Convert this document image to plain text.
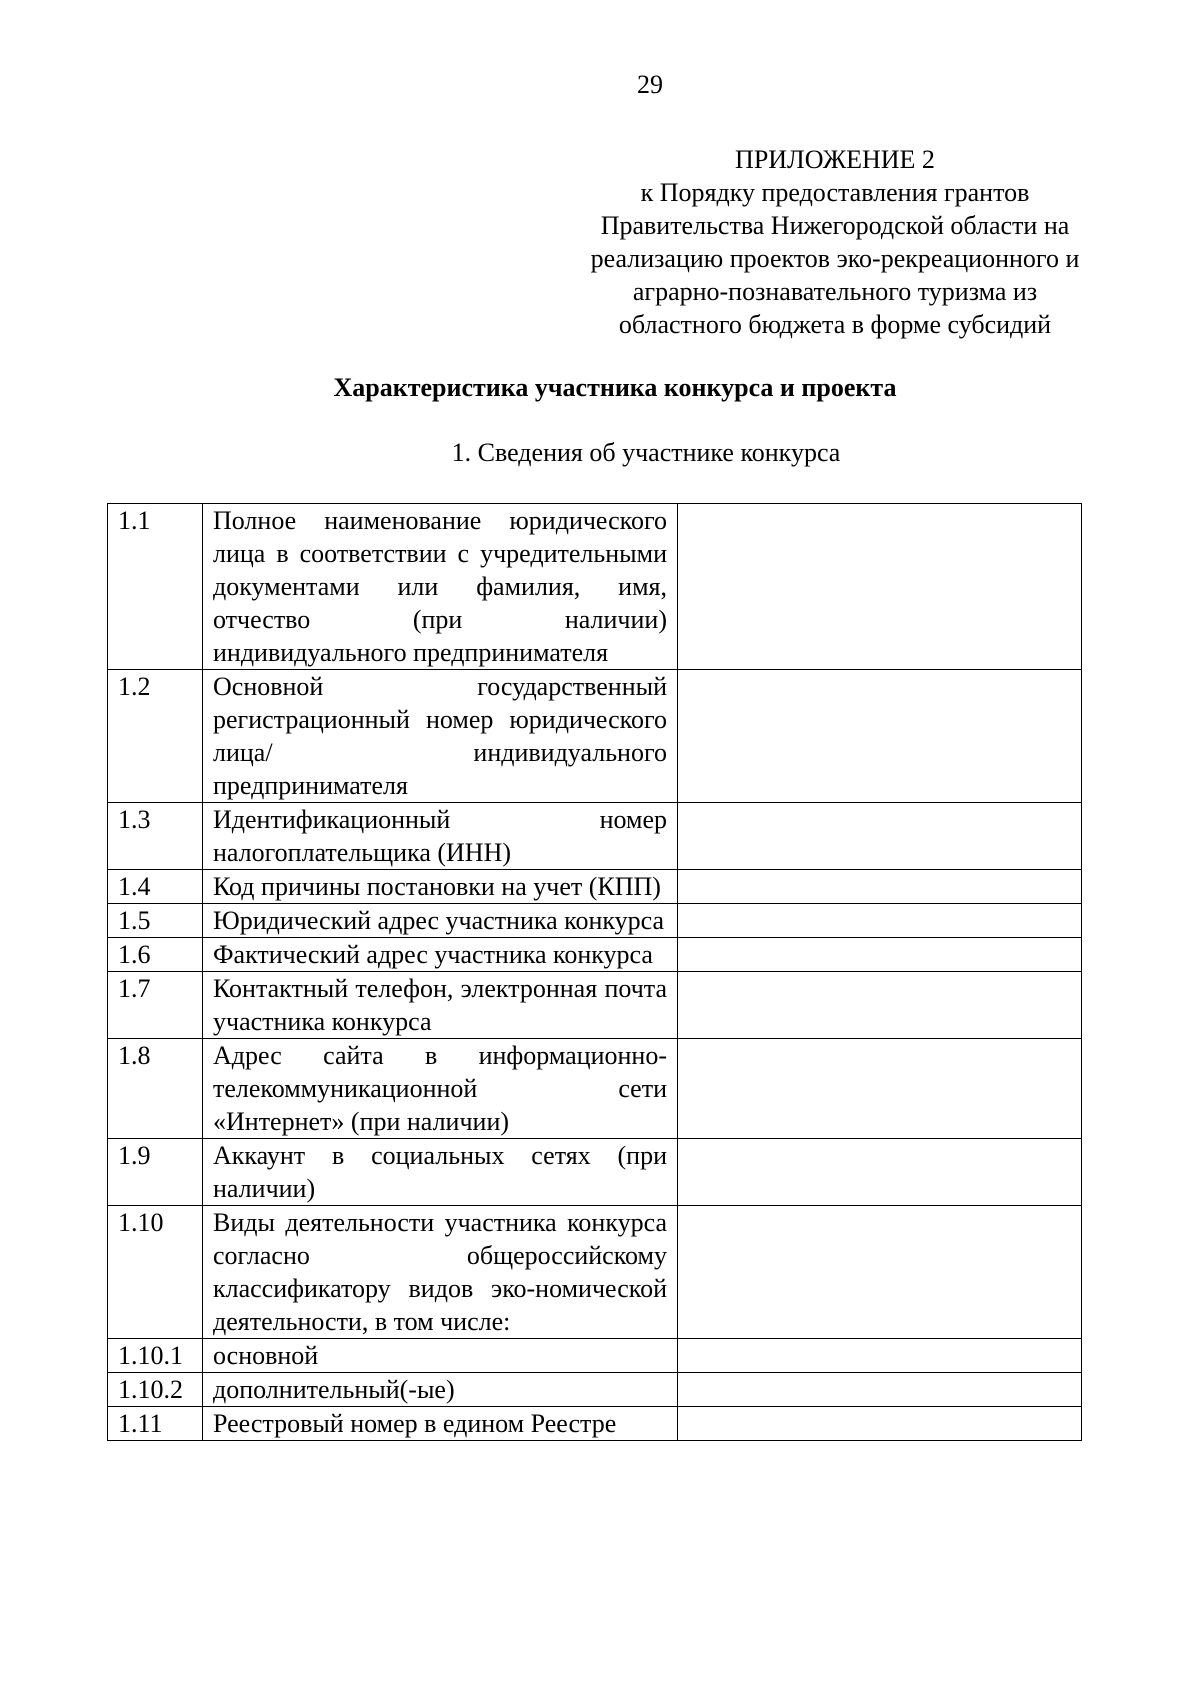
29
ПРИЛОЖЕНИЕ 2
к Порядку предоставления грантов
Правительства Нижегородской области на
реализацию проектов эко-рекреационного и
аграрно-познавательного туризма из
областного бюджета в форме субсидий
Характеристика участника конкурса и проекта
1. Сведения об участнике конкурса
1.1	Полное наименование юридического лица в соответствии с учредительными документами или фамилия, имя, отчество (при наличии) индивидуального предпринимателя	
1.2	Основной государственный регистрационный номер юридического лица/ индивидуального предпринимателя	
1.3	Идентификационный номер налогоплательщика (ИНН)	
1.4	Код причины постановки на учет (КПП)	
1.5	Юридический адрес участника конкурса	
1.6	Фактический адрес участника конкурса	
1.7	Контактный телефон, электронная почта участника конкурса	
1.8	Адрес сайта в информационно-телекоммуникационной сети «Интернет» (при наличии)	
1.9	Аккаунт в социальных сетях (при наличии)	
1.10	Виды деятельности участника конкурса согласно общероссийскому классификатору видов эко-номической деятельности, в том числе:	
1.10.1	основной	
1.10.2	дополнительный(-ые)	
1.11	Реестровый номер в едином Реестре	
